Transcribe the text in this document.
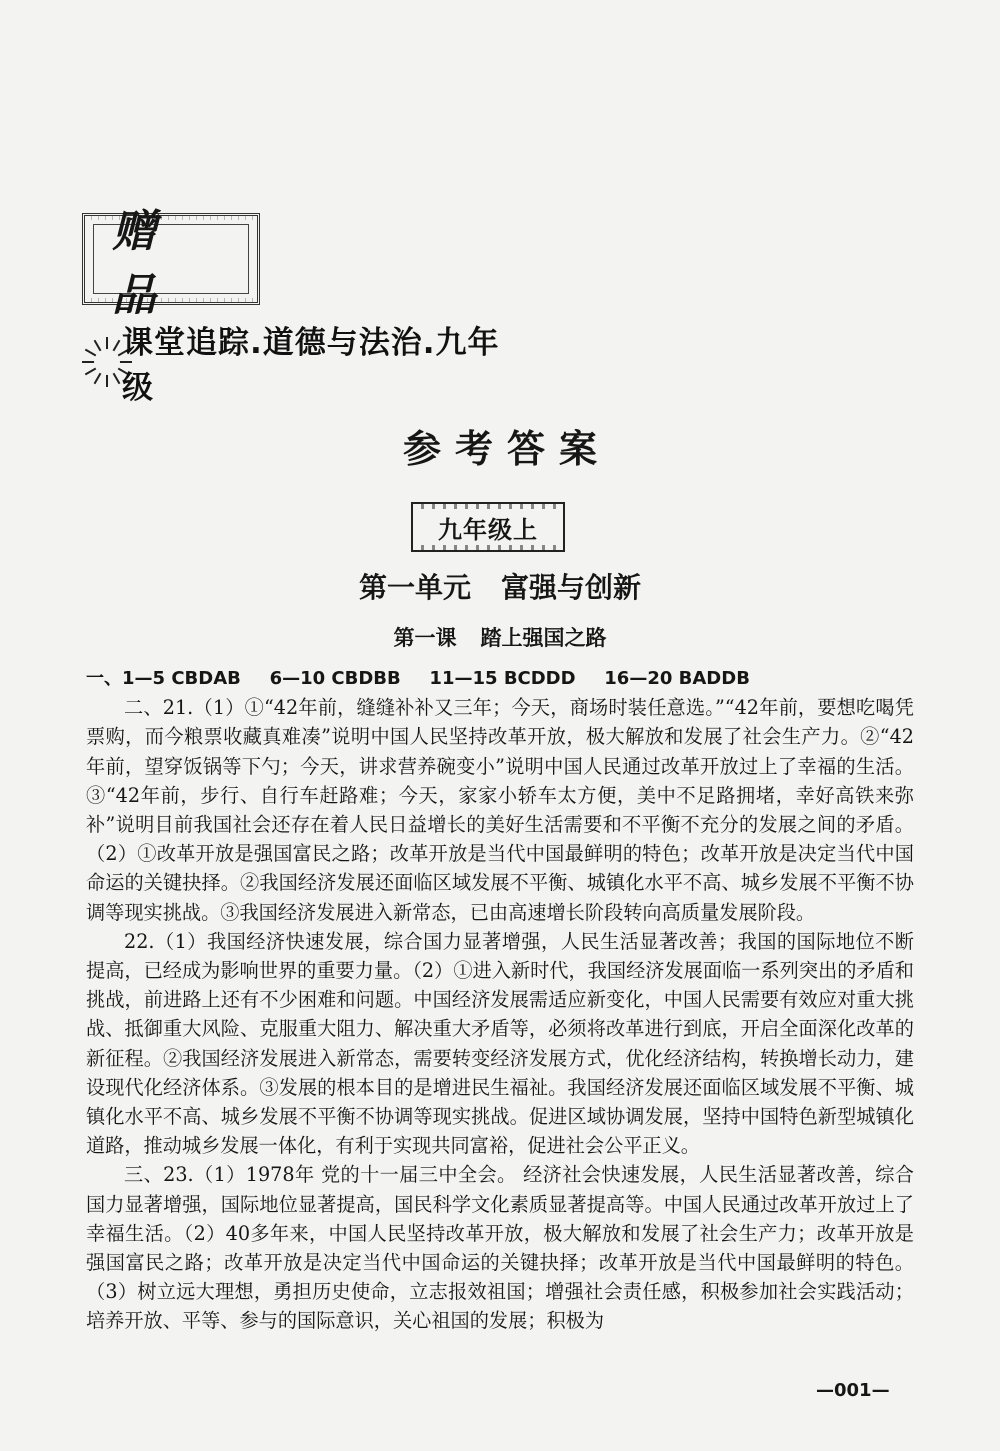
赠 品
课堂追踪.道德与法治.九年级
参考答案
九年级上
第一单元 富强与创新
第一课 踏上强国之路
一、1—5 CBDAB 6—10 CBDBB 11—15 BCDDD 16—20 BADDB

二、21.（1）①“42年前，缝缝补补又三年；今天，商场时装任意选。”“42年前，要想吃喝凭票购，而今粮票收藏真难凑”说明中国人民坚持改革开放，极大解放和发展了社会生产力。②“42年前，望穿饭锅等下勺；今天，讲求营养碗变小”说明中国人民通过改革开放过上了幸福的生活。③“42年前，步行、自行车赶路难；今天，家家小轿车太方便，美中不足路拥堵，幸好高铁来弥补”说明目前我国社会还存在着人民日益增长的美好生活需要和不平衡不充分的发展之间的矛盾。（2）①改革开放是强国富民之路；改革开放是当代中国最鲜明的特色；改革开放是决定当代中国命运的关键抉择。②我国经济发展还面临区域发展不平衡、城镇化水平不高、城乡发展不平衡不协调等现实挑战。③我国经济发展进入新常态，已由高速增长阶段转向高质量发展阶段。

22.（1）我国经济快速发展，综合国力显著增强，人民生活显著改善；我国的国际地位不断提高，已经成为影响世界的重要力量。（2）①进入新时代，我国经济发展面临一系列突出的矛盾和挑战，前进路上还有不少困难和问题。中国经济发展需适应新变化，中国人民需要有效应对重大挑战、抵御重大风险、克服重大阻力、解决重大矛盾等，必须将改革进行到底，开启全面深化改革的新征程。②我国经济发展进入新常态，需要转变经济发展方式，优化经济结构，转换增长动力，建设现代化经济体系。③发展的根本目的是增进民生福祉。我国经济发展还面临区域发展不平衡、城镇化水平不高、城乡发展不平衡不协调等现实挑战。促进区域协调发展，坚持中国特色新型城镇化道路，推动城乡发展一体化，有利于实现共同富裕，促进社会公平正义。

三、23.（1）1978年 党的十一届三中全会。 经济社会快速发展，人民生活显著改善，综合国力显著增强，国际地位显著提高，国民科学文化素质显著提高等。中国人民通过改革开放过上了幸福生活。（2）40多年来，中国人民坚持改革开放，极大解放和发展了社会生产力；改革开放是强国富民之路；改革开放是决定当代中国命运的关键抉择；改革开放是当代中国最鲜明的特色。（3）树立远大理想，勇担历史使命，立志报效祖国；增强社会责任感，积极参加社会实践活动；培养开放、平等、参与的国际意识，关心祖国的发展；积极为

—001—
